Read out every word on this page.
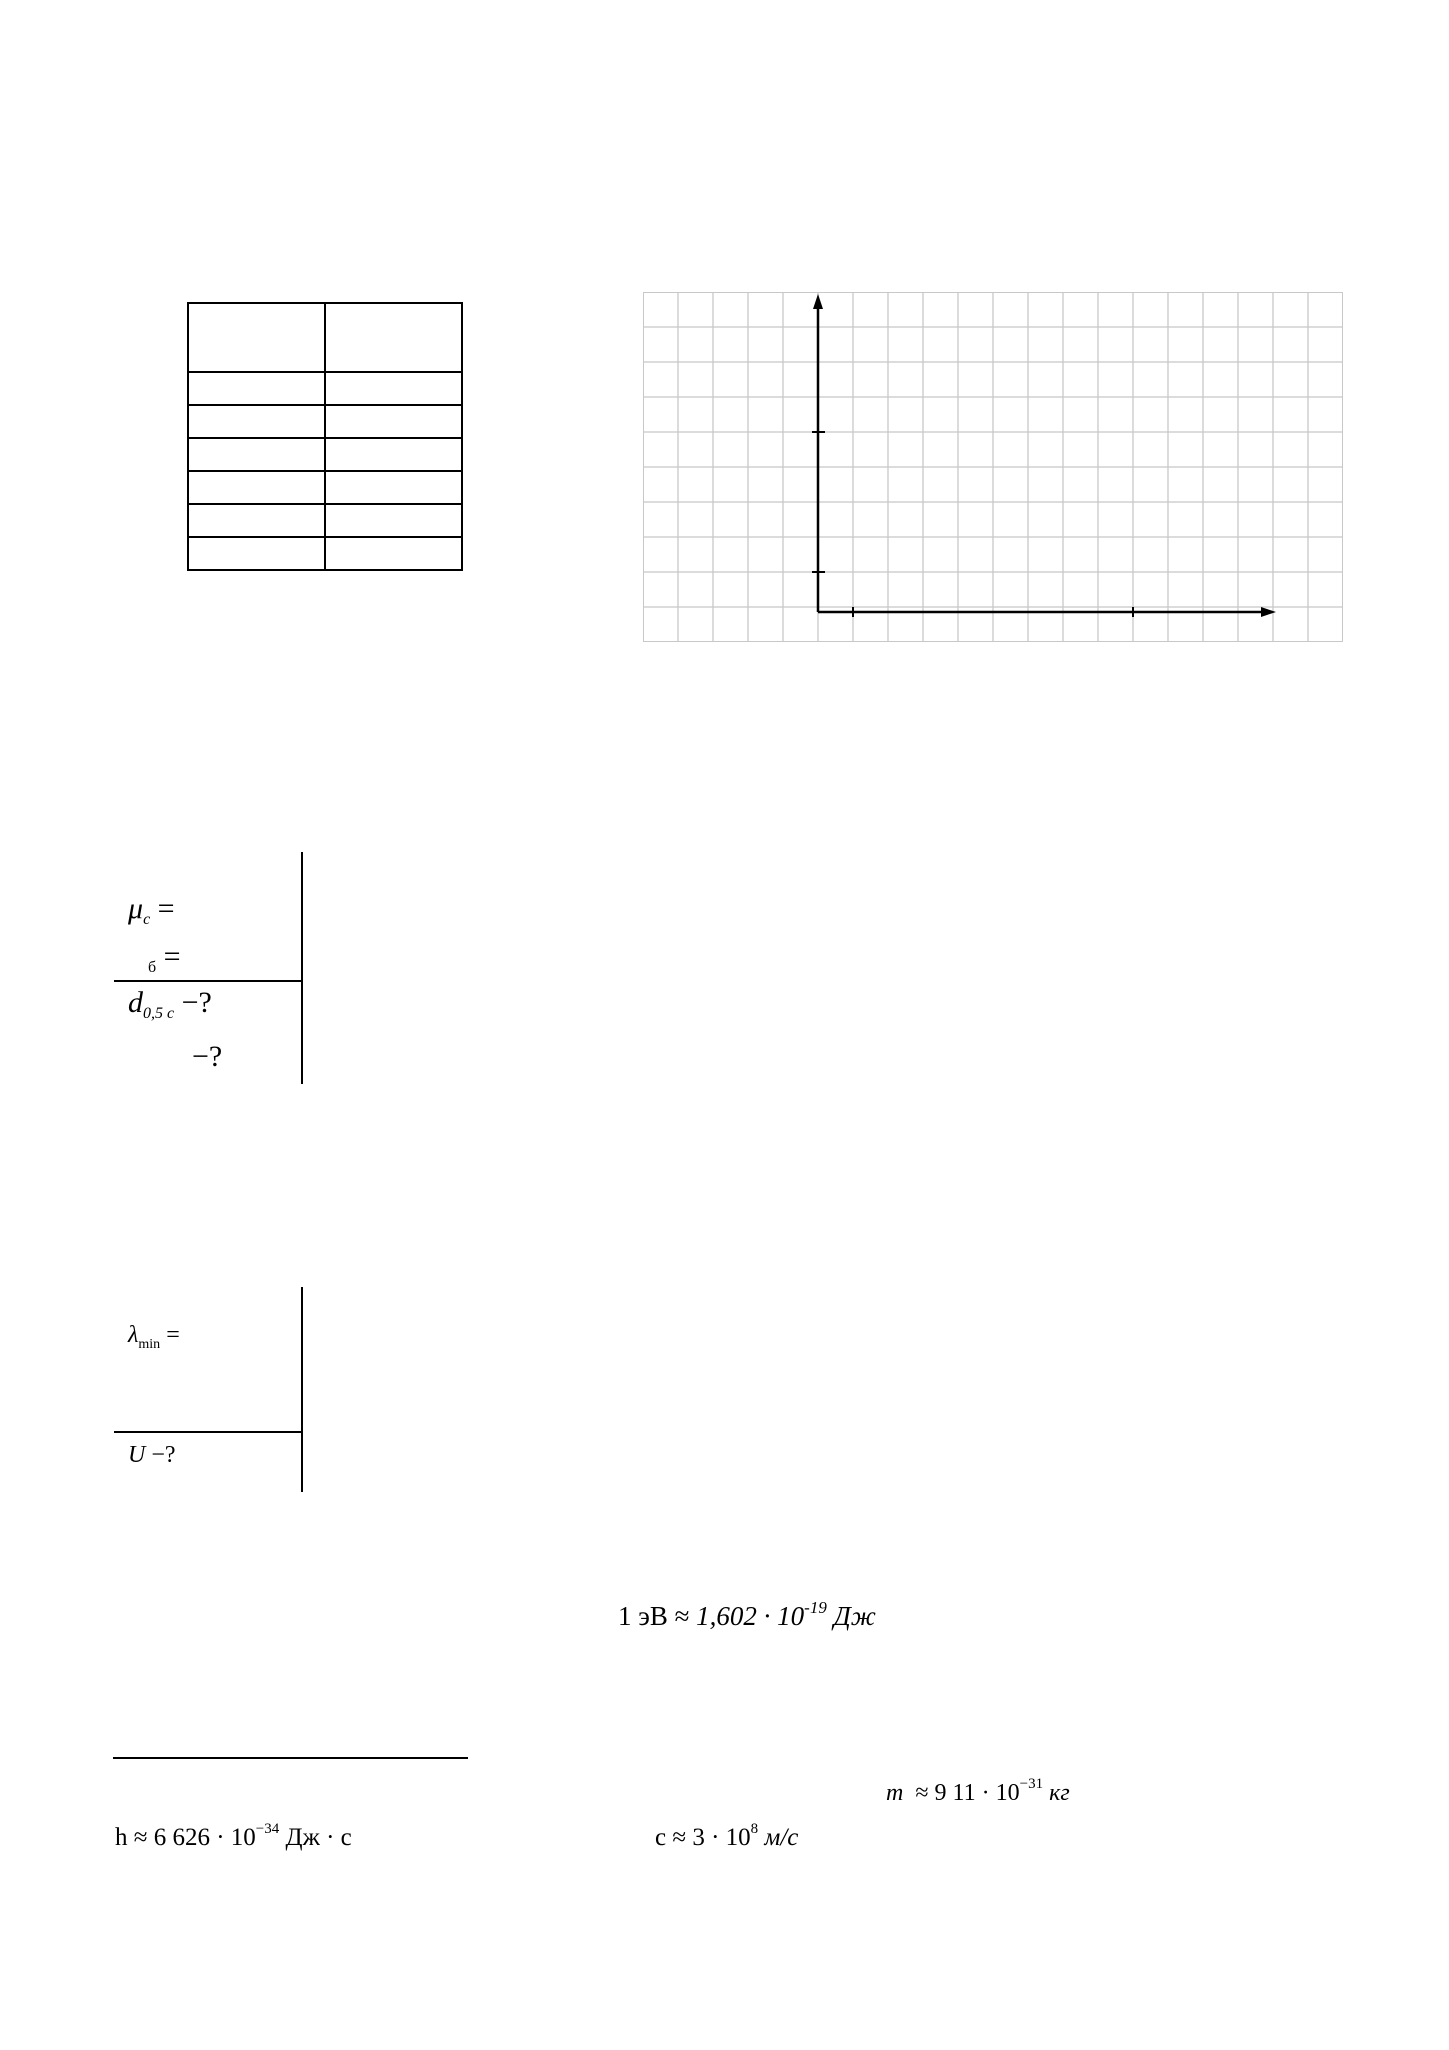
$\mu_c$ =
$_б$ =
$d_{0,5 c}$ −?
−?
$\lambda_{min}$ =
U −?
1 эВ ≈ $1,602 \cdot 10^{-19}$ Дж
m ≈ 9 $11 \cdot 10^{-31}$ кг
h ≈ 6 $626 \cdot 10^{-34}$ Дж · с	$c \approx 3 \cdot 10^8$ м/с
